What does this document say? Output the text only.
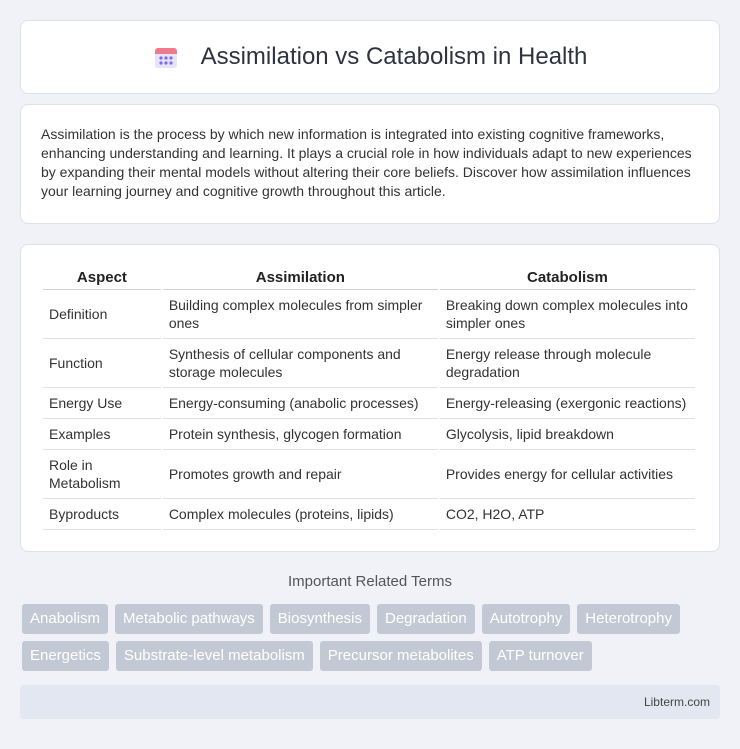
Assimilation vs Catabolism in Health

Assimilation is the process by which new information is integrated into existing cognitive frameworks, enhancing understanding and learning. It plays a crucial role in how individuals adapt to new experiences by expanding their mental models without altering their core beliefs. Discover how assimilation influences your learning journey and cognitive growth throughout this article.

Aspect	Assimilation	Catabolism
Definition	Building complex molecules from simpler ones	Breaking down complex molecules into simpler ones
Function	Synthesis of cellular components and storage molecules	Energy release through molecule degradation
Energy Use	Energy-consuming (anabolic processes)	Energy-releasing (exergonic reactions)
Examples	Protein synthesis, glycogen formation	Glycolysis, lipid breakdown
Role in Metabolism	Promotes growth and repair	Provides energy for cellular activities
Byproducts	Complex molecules (proteins, lipids)	CO2, H2O, ATP
Important Related Terms
Anabolism	Metabolic pathways	Biosynthesis	Degradation	Autotrophy	Heterotrophy
Energetics	Substrate-level metabolism	Precursor metabolites	ATP turnover
Libterm.com
